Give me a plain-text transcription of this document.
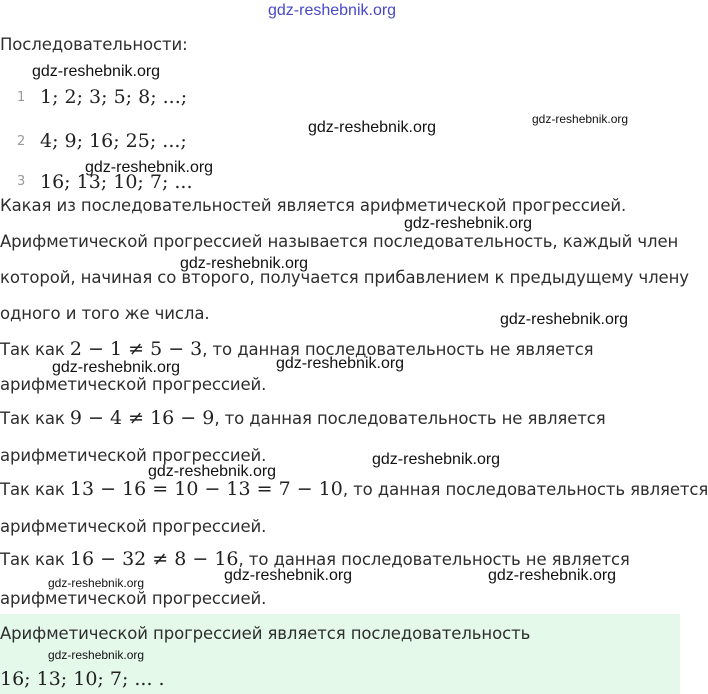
gdz-reshebnik.org
Последовательности:
1 1; 2; 3; 5; 8; ...;
2 4; 9; 16; 25; ...;
3 16; 13; 10; 7; ...
Какая из последовательностей является арифметической прогрессией.
Арифметической прогрессией называется последовательность, каждый член
которой, начиная со второго, получается прибавлением к предыдущему члену
одного и того же числа.
Так как 2 − 1 ≠ 5 − 3, то данная последовательность не является
арифметической прогрессией.
Так как 9 − 4 ≠ 16 − 9, то данная последовательность не является
арифметической прогрессией.
Так как 13 − 16 = 10 − 13 = 7 − 10, то данная последовательность является
арифметической прогрессией.
Так как 16 − 32 ≠ 8 − 16, то данная последовательность не является
арифметической прогрессией.
Арифметической прогрессией является последовательность
16; 13; 10; 7; ... .
gdz-reshebnik.org
gdz-reshebnik.org	gdz-reshebnik.org
gdz-reshebnik.org
gdz-reshebnik.org
gdz-reshebnik.org
gdz-reshebnik.org
gdz-reshebnik.org	gdz-reshebnik.org
gdz-reshebnik.org
gdz-reshebnik.org
gdz-reshebnik.org	gdz-reshebnik.org	gdz-reshebnik.org
gdz-reshebnik.org
